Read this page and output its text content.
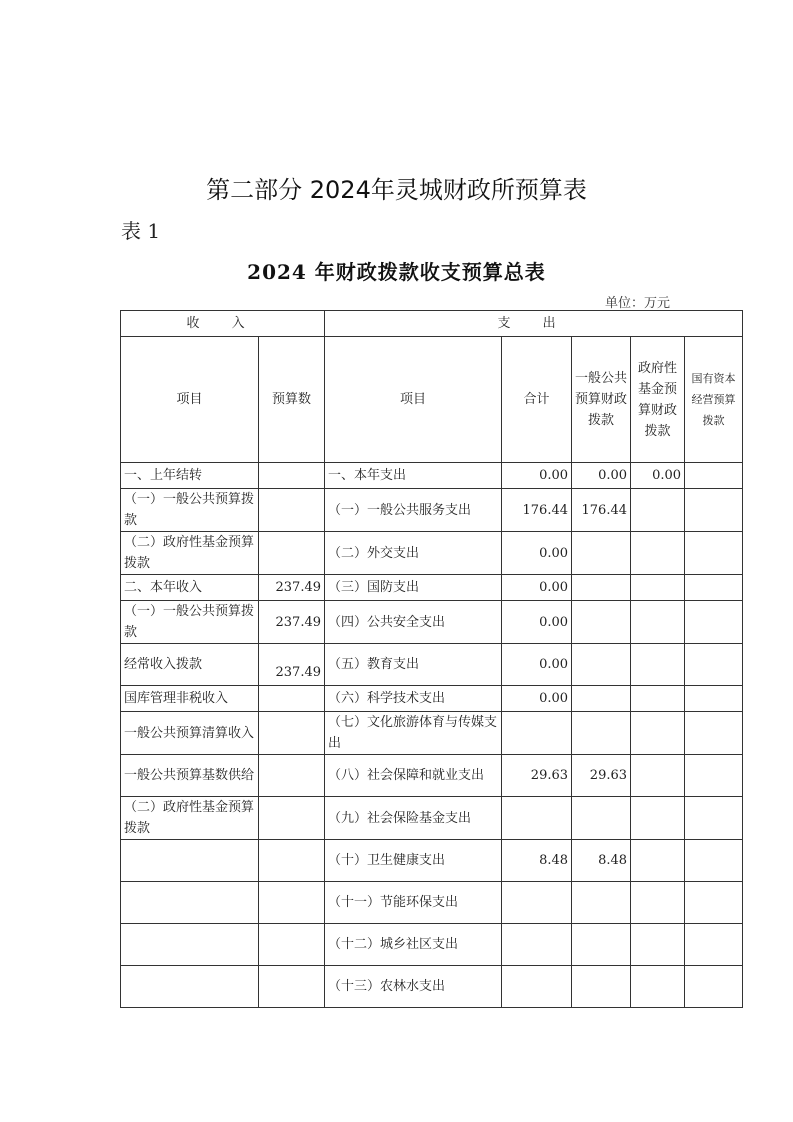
第二部分 2024年灵城财政所预算表
表 1
2024 年财政拨款收支预算总表
单位：万元
收 入		支 出				
项目	预算数	项目	合计	一般公共预算财政拨款	政府性基金预算财政拨款	国有资本经营预算拨款
一、上年结转		一、本年支出	0.00	0.00	0.00	
（一）一般公共预算拨款		（一）一般公共服务支出	176.44	176.44		
（二）政府性基金预算拨款		（二）外交支出	0.00			
二、本年收入	237.49	（三）国防支出	0.00			
（一）一般公共预算拨款	237.49	（四）公共安全支出	0.00			
经常收入拨款	237.49	（五）教育支出	0.00			
国库管理非税收入		（六）科学技术支出	0.00			
一般公共预算清算收入		（七）文化旅游体育与传媒支出				
一般公共预算基数供给		（八）社会保障和就业支出	29.63	29.63		
（二）政府性基金预算拨款		（九）社会保险基金支出				
		（十）卫生健康支出	8.48	8.48		
		（十一）节能环保支出				
		（十二）城乡社区支出				
		（十三）农林水支出				
